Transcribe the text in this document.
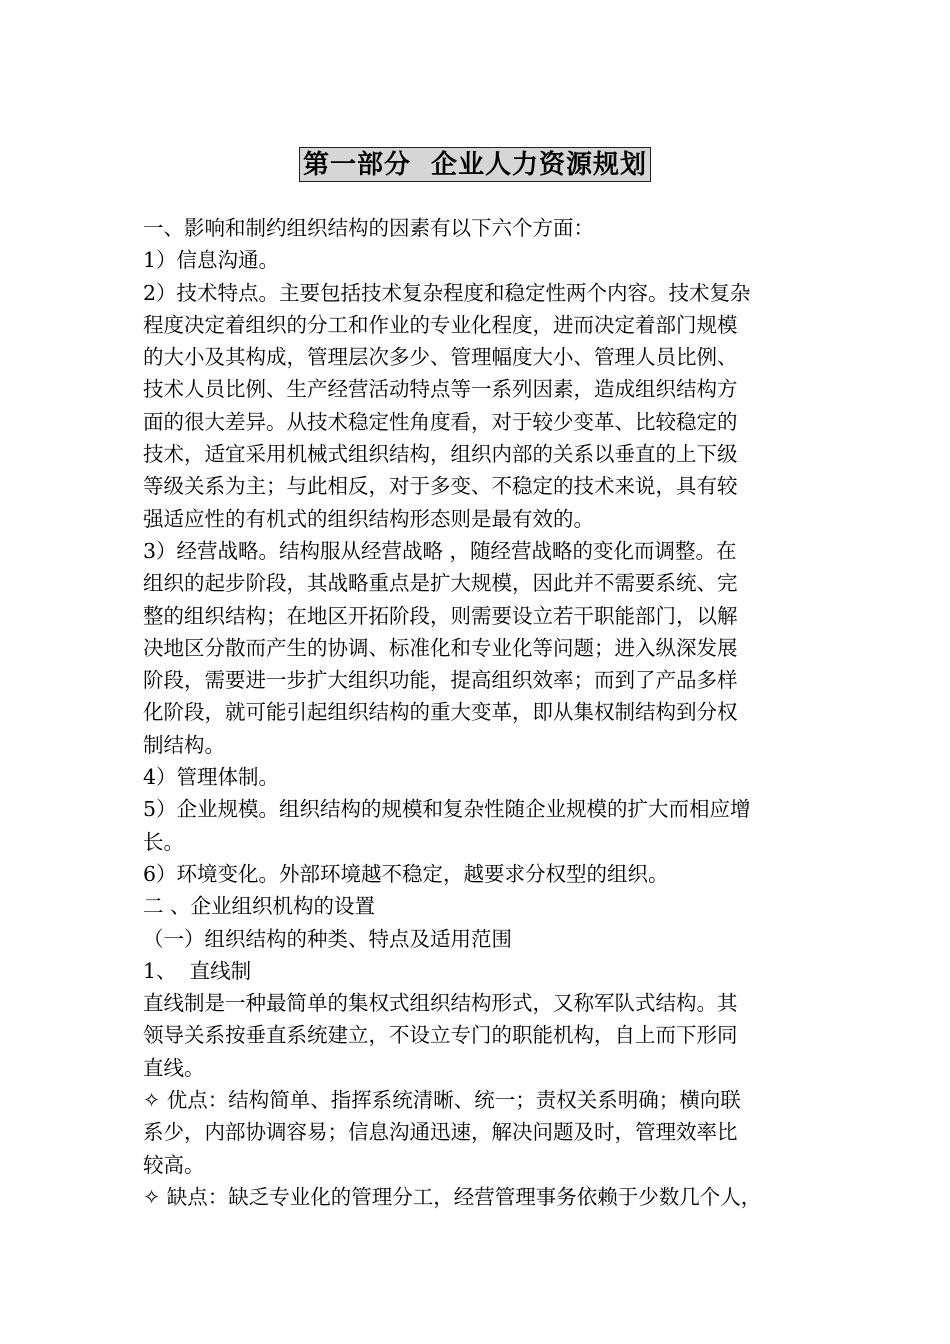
第一部分  企业人力资源规划
一、影响和制约组织结构的因素有以下六个方面：
1）信息沟通。
2）技术特点。主要包括技术复杂程度和稳定性两个内容。技术复杂
程度决定着组织的分工和作业的专业化程度，进而决定着部门规模
的大小及其构成，管理层次多少、管理幅度大小、管理人员比例、
技术人员比例、生产经营活动特点等一系列因素，造成组织结构方
面的很大差异。从技术稳定性角度看，对于较少变革、比较稳定的
技术，适宜采用机械式组织结构，组织内部的关系以垂直的上下级
等级关系为主；与此相反，对于多变、不稳定的技术来说，具有较
强适应性的有机式的组织结构形态则是最有效的。
3）经营战略。结构服从经营战略 ，随经营战略的变化而调整。在
组织的起步阶段，其战略重点是扩大规模，因此并不需要系统、完
整的组织结构；在地区开拓阶段，则需要设立若干职能部门，以解
决地区分散而产生的协调、标准化和专业化等问题；进入纵深发展
阶段，需要进一步扩大组织功能，提高组织效率；而到了产品多样
化阶段，就可能引起组织结构的重大变革，即从集权制结构到分权
制结构。
4）管理体制。
5）企业规模。组织结构的规模和复杂性随企业规模的扩大而相应增
长。
6）环境变化。外部环境越不稳定，越要求分权型的组织。
二 、企业组织机构的设置
（一）组织结构的种类、特点及适用范围
1、  直线制
直线制是一种最简单的集权式组织结构形式，又称军队式结构。其
领导关系按垂直系统建立，不设立专门的职能机构，自上而下形同
直线。
✧ 优点：结构简单、指挥系统清晰、统一；责权关系明确；横向联
系少，内部协调容易；信息沟通迅速，解决问题及时，管理效率比
较高。
✧ 缺点：缺乏专业化的管理分工，经营管理事务依赖于少数几个人，
